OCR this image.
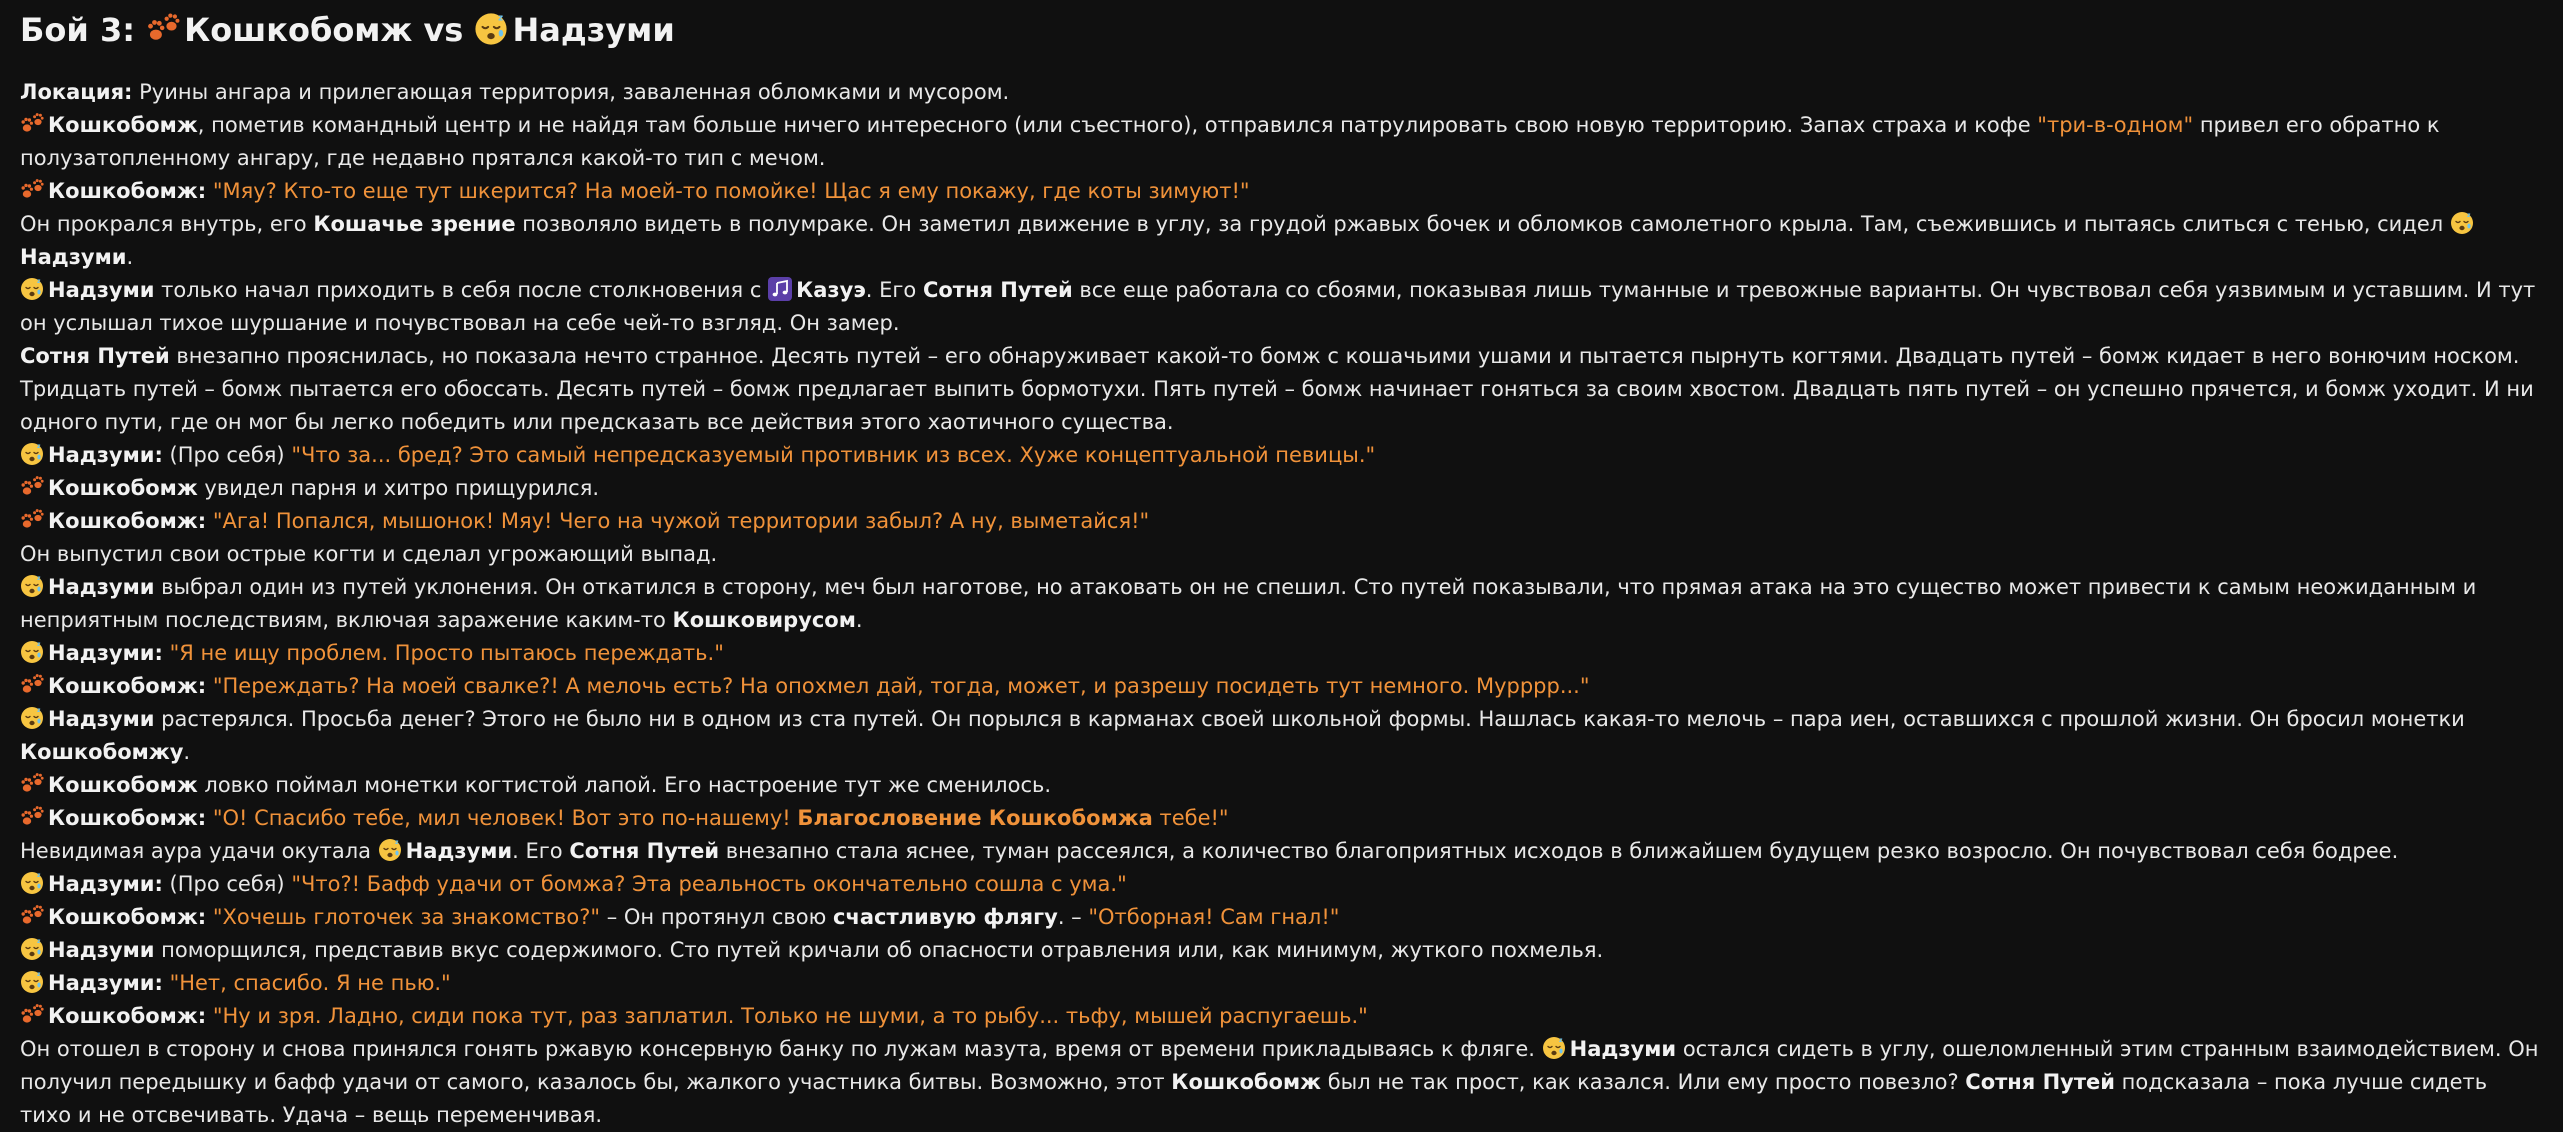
Бой 3: Кошкобомж vs Надзуми

Локация: Руины ангара и прилегающая территория, заваленная обломками и мусором.

Кошкобомж, пометив командный центр и не найдя там больше ничего интересного (или съестного), отправился патрулировать свою новую территорию. Запах страха и кофе "три-в-одном" привел его обратно к полузатопленному ангару, где недавно прятался какой-то тип с мечом.

Кошкобомж: "Мяу? Кто-то еще тут шкерится? На моей-то помойке! Щас я ему покажу, где коты зимуют!"

Он прокрался внутрь, его Кошачье зрение позволяло видеть в полумраке. Он заметил движение в углу, за грудой ржавых бочек и обломков самолетного крыла. Там, съежившись и пытаясь слиться с тенью, сидел Надзуми.

Надзуми только начал приходить в себя после столкновения с Казуэ. Его Сотня Путей все еще работала со сбоями, показывая лишь туманные и тревожные варианты. Он чувствовал себя уязвимым и уставшим. И тут он услышал тихое шуршание и почувствовал на себе чей-то взгляд. Он замер.

Сотня Путей внезапно прояснилась, но показала нечто странное. Десять путей – его обнаруживает какой-то бомж с кошачьими ушами и пытается пырнуть когтями. Двадцать путей – бомж кидает в него вонючим носком. Тридцать путей – бомж пытается его обоссать. Десять путей – бомж предлагает выпить бормотухи. Пять путей – бомж начинает гоняться за своим хвостом. Двадцать пять путей – он успешно прячется, и бомж уходит. И ни одного пути, где он мог бы легко победить или предсказать все действия этого хаотичного существа.

Надзуми: (Про себя) "Что за... бред? Это самый непредсказуемый противник из всех. Хуже концептуальной певицы."

Кошкобомж увидел парня и хитро прищурился.

Кошкобомж: "Ага! Попался, мышонок! Мяу! Чего на чужой территории забыл? А ну, выметайся!"

Он выпустил свои острые когти и сделал угрожающий выпад.

Надзуми выбрал один из путей уклонения. Он откатился в сторону, меч был наготове, но атаковать он не спешил. Сто путей показывали, что прямая атака на это существо может привести к самым неожиданным и неприятным последствиям, включая заражение каким-то Кошковирусом.

Надзуми: "Я не ищу проблем. Просто пытаюсь переждать."

Кошкобомж: "Переждать? На моей свалке?! А мелочь есть? На опохмел дай, тогда, может, и разрешу посидеть тут немного. Мурррр..."

Надзуми растерялся. Просьба денег? Этого не было ни в одном из ста путей. Он порылся в карманах своей школьной формы. Нашлась какая-то мелочь – пара иен, оставшихся с прошлой жизни. Он бросил монетки Кошкобомжу.

Кошкобомж ловко поймал монетки когтистой лапой. Его настроение тут же сменилось.

Кошкобомж: "О! Спасибо тебе, мил человек! Вот это по-нашему! Благословение Кошкобомжа тебе!"

Невидимая аура удачи окутала Надзуми. Его Сотня Путей внезапно стала яснее, туман рассеялся, а количество благоприятных исходов в ближайшем будущем резко возросло. Он почувствовал себя бодрее.

Надзуми: (Про себя) "Что?! Бафф удачи от бомжа? Эта реальность окончательно сошла с ума."

Кошкобомж: "Хочешь глоточек за знакомство?" – Он протянул свою счастливую флягу. – "Отборная! Сам гнал!"

Надзуми поморщился, представив вкус содержимого. Сто путей кричали об опасности отравления или, как минимум, жуткого похмелья.

Надзуми: "Нет, спасибо. Я не пью."

Кошкобомж: "Ну и зря. Ладно, сиди пока тут, раз заплатил. Только не шуми, а то рыбу... тьфу, мышей распугаешь."

Он отошел в сторону и снова принялся гонять ржавую консервную банку по лужам мазута, время от времени прикладываясь к фляге. Надзуми остался сидеть в углу, ошеломленный этим странным взаимодействием. Он получил передышку и бафф удачи от самого, казалось бы, жалкого участника битвы. Возможно, этот Кошкобомж был не так прост, как казался. Или ему просто повезло? Сотня Путей подсказала – пока лучше сидеть тихо и не отсвечивать. Удача – вещь переменчивая.
